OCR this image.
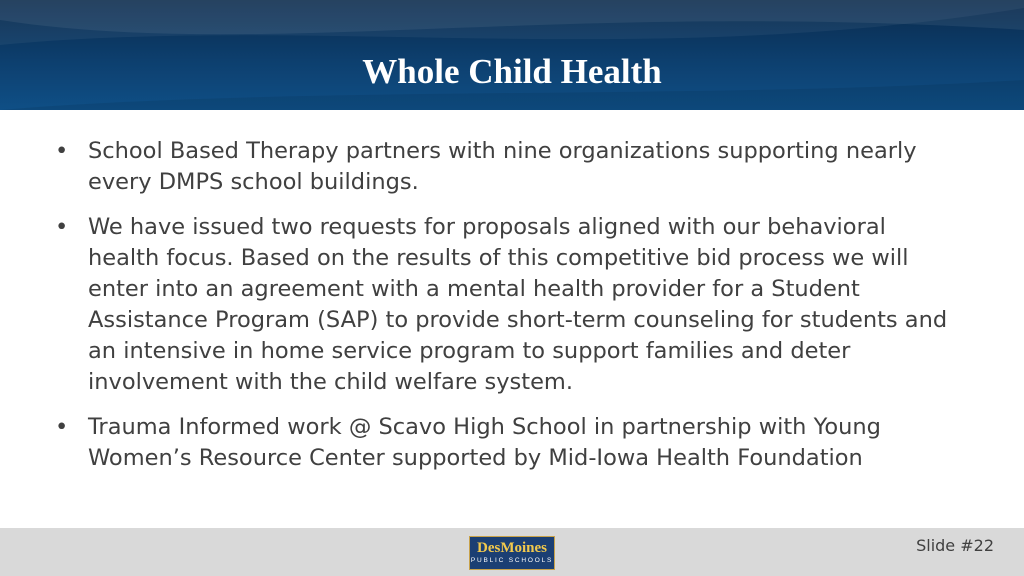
Whole Child Health
• School Based Therapy partners with nine organizations supporting nearly every DMPS school buildings.
• We have issued two requests for proposals aligned with our behavioral health focus. Based on the results of this competitive bid process we will enter into an agreement with a mental health provider for a Student Assistance Program (SAP) to provide short-term counseling for students and an intensive in home service program to support families and deter involvement with the child welfare system.
• Trauma Informed work @ Scavo High School in partnership with Young Women’s Resource Center supported by Mid-Iowa Health Foundation
DesMoines
PUBLIC SCHOOLS
Slide #22
